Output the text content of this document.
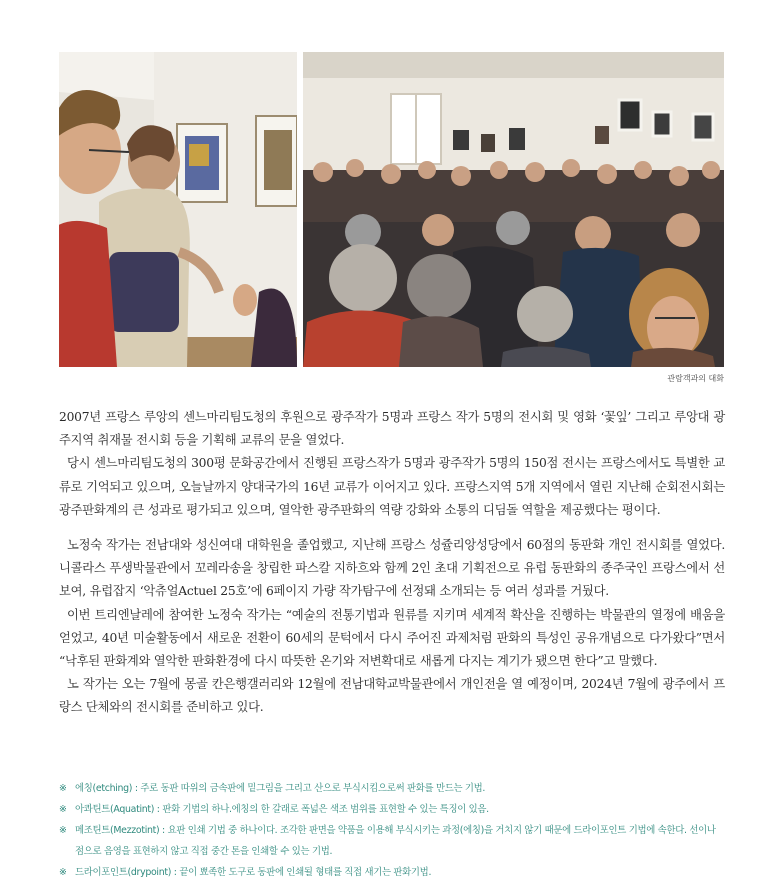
관람객과의 대화

2007년 프랑스 루앙의 센느마리팀도청의 후원으로 광주작가 5명과 프랑스 작가 5명의 전시회 및 영화 ‘꽃잎’ 그리고 루앙대 광주지역 취재물 전시회 등을 기획해 교류의 문을 열었다.

당시 센느마리팀도청의 300평 문화공간에서 진행된 프랑스작가 5명과 광주작가 5명의 150점 전시는 프랑스에서도 특별한 교류로 기억되고 있으며, 오늘날까지 양대국가의 16년 교류가 이어지고 있다. 프랑스지역 5개 지역에서 열린 지난해 순회전시회는 광주판화계의 큰 성과로 평가되고 있으며, 열악한 광주판화의 역량 강화와 소통의 디딤돌 역할을 제공했다는 평이다.

노정숙 작가는 전남대와 성신여대 대학원을 졸업했고, 지난해 프랑스 성쥴리앙성당에서 60점의 동판화 개인 전시회를 열었다. 니콜라스 푸생박물관에서 꼬레라송을 창립한 파스칼 지하흐와 함께 2인 초대 기획전으로 유럽 동판화의 종주국인 프랑스에서 선보여, 유럽잡지 ‘악츄얼Actuel 25호’에 6페이지 가량 작가탐구에 선정돼 소개되는 등 여러 성과를 거뒀다.

이번 트리엔날레에 참여한 노정숙 작가는 “예술의 전통기법과 원류를 지키며 세계적 확산을 진행하는 박물관의 열정에 배움을 얻었고, 40년 미술활동에서 새로운 전환이 60세의 문턱에서 다시 주어진 과제처럼 판화의 특성인 공유개념으로 다가왔다”면서 “낙후된 판화계와 열악한 판화환경에 다시 따뜻한 온기와 저변확대로 새롭게 다지는 계기가 됐으면 한다”고 말했다.

노 작가는 오는 7월에 몽골 칸은행갤러리와 12월에 전남대학교박물관에서 개인전을 열 예정이며, 2024년 7월에 광주에서 프랑스 단체와의 전시회를 준비하고 있다.

※ 에칭(etching) : 주로 동판 따위의 금속판에 밑그림을 그리고 산으로 부식시킴으로써 판화를 만드는 기법.
※ 아콰틴트(Aquatint) : 판화 기법의 하나.에칭의 한 갈래로 폭넓은 색조 범위를 표현할 수 있는 특징이 있음.
※ 메조틴트(Mezzotint) : 요판 인쇄 기법 중 하나이다. 조각한 판면을 약품을 이용해 부식시키는 과정(에칭)을 거치지 않기 때문에 드라이포인트 기법에 속한다. 선이나 점으로 음영을 표현하지 않고 직접 중간 톤을 인쇄할 수 있는 기법.
※ 드라이포인트(drypoint) : 끝이 뾰족한 도구로 동판에 인쇄될 형태를 직접 새기는 판화기법.
